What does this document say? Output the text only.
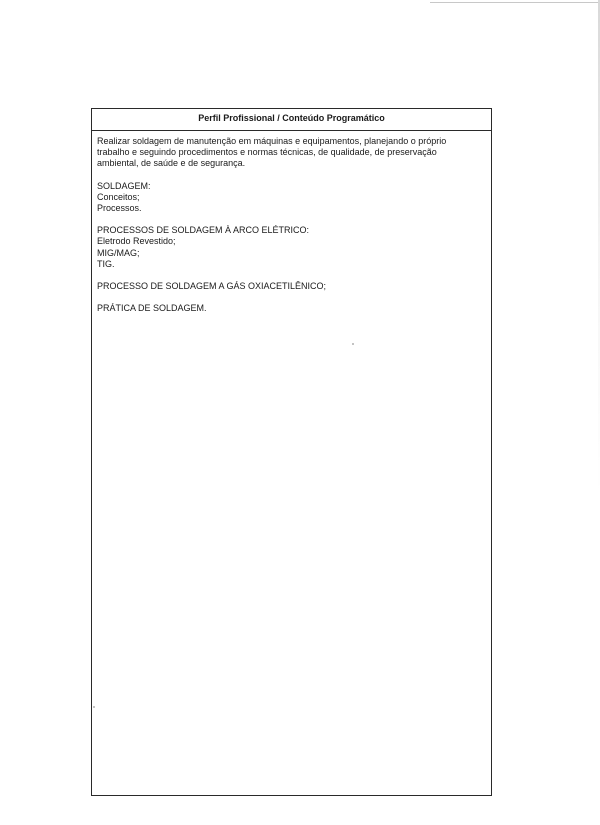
Perfil Profissional / Conteúdo Programático

Realizar soldagem de manutenção em máquinas e equipamentos, planejando o próprio
trabalho e seguindo procedimentos e normas técnicas, de qualidade, de preservação
ambiental, de saúde e de segurança.

SOLDAGEM:
Conceitos;
Processos.
PROCESSOS DE SOLDAGEM À ARCO ELÉTRICO:
Eletrodo Revestido;
MIG/MAG;
TIG.
PROCESSO DE SOLDAGEM A GÁS OXIACETILÊNICO;
PRÁTICA DE SOLDAGEM.
